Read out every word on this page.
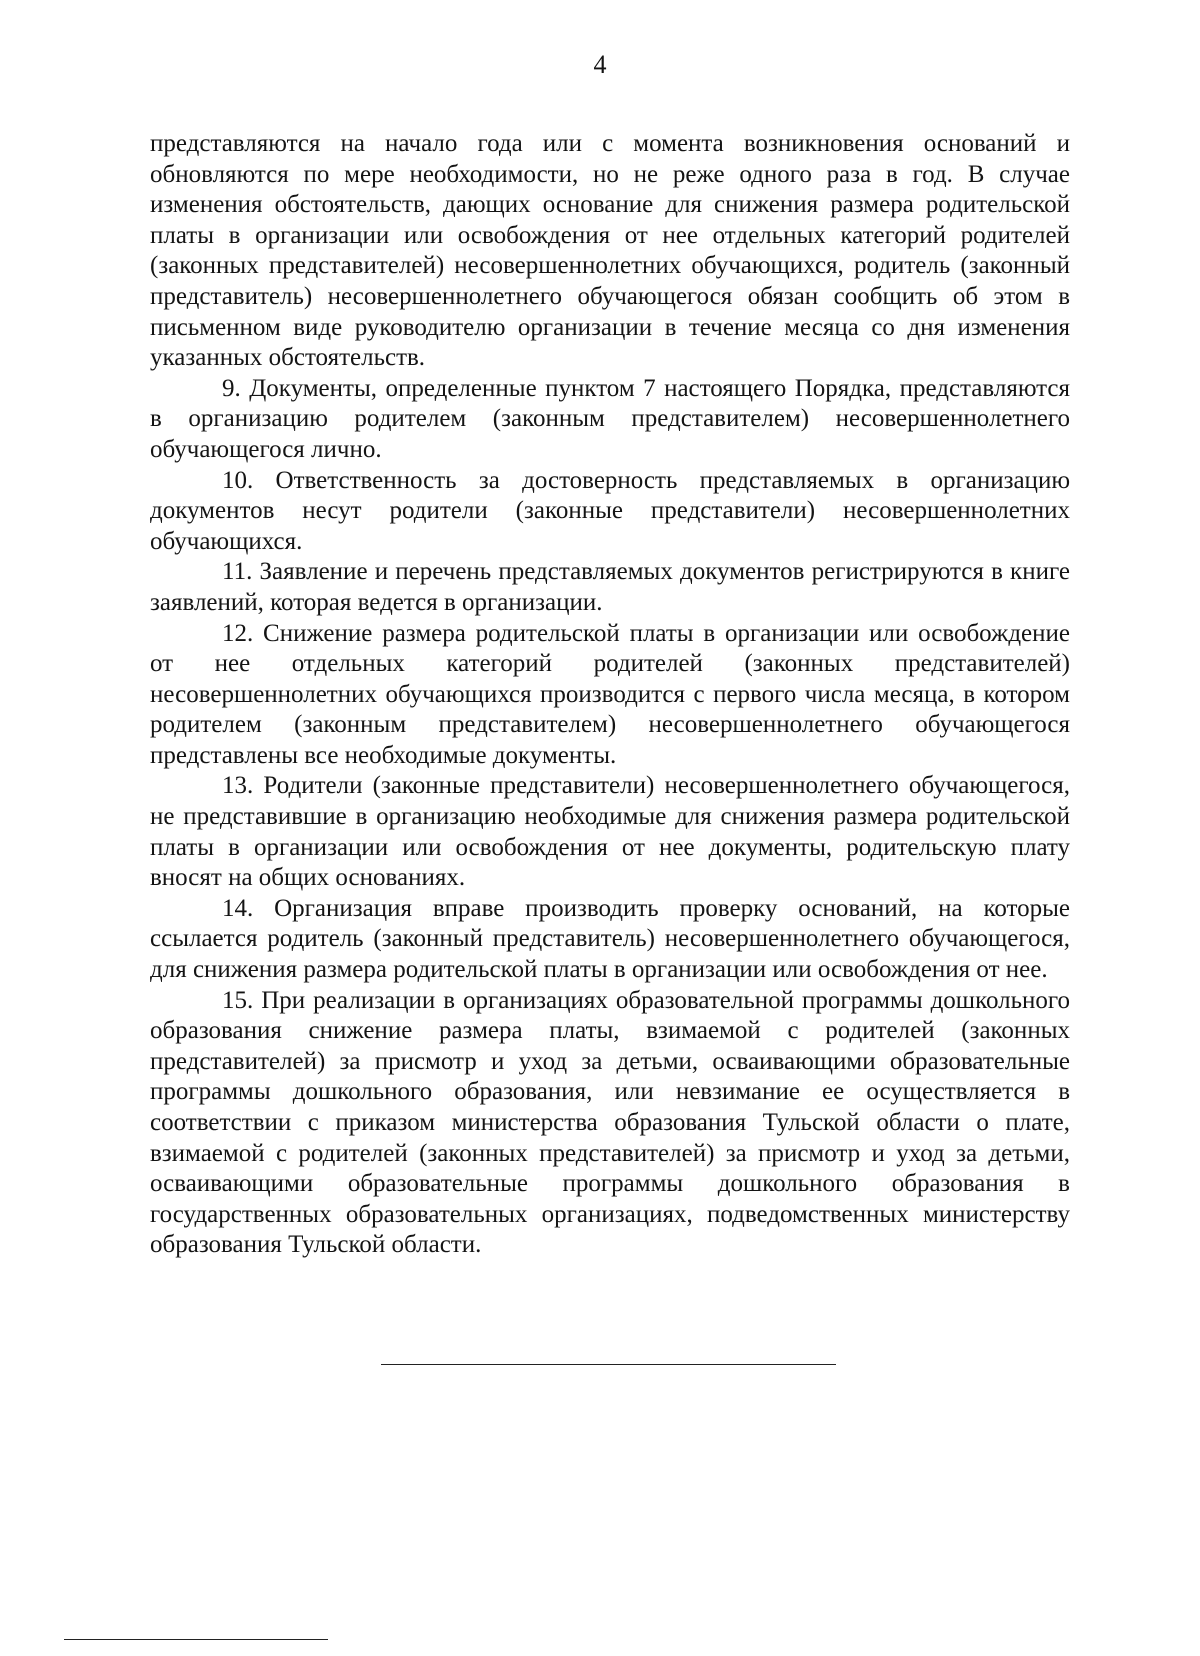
4

представляются на начало года или с момента возникновения оснований и обновляются по мере необходимости, но не реже одного раза в год. В случае изменения обстоятельств, дающих основание для снижения размера родительской платы в организации или освобождения от нее отдельных категорий родителей (законных представителей) несовершеннолетних обучающихся, родитель (законный представитель) несовершеннолетнего обучающегося обязан сообщить об этом в письменном виде руководителю организации в течение месяца со дня изменения указанных обстоятельств.

9. Документы, определенные пунктом 7 настоящего Порядка, представляются в организацию родителем (законным представителем) несовершеннолетнего обучающегося лично.

10. Ответственность за достоверность представляемых в организацию документов несут родители (законные представители) несовершеннолетних обучающихся.

11. Заявление и перечень представляемых документов регистрируются в книге заявлений, которая ведется в организации.

12. Снижение размера родительской платы в организации или освобождение от нее отдельных категорий родителей (законных представителей) несовершеннолетних обучающихся производится с первого числа месяца, в котором родителем (законным представителем) несовершеннолетнего обучающегося представлены все необходимые документы.

13. Родители (законные представители) несовершеннолетнего обучающегося, не представившие в организацию необходимые для снижения размера родительской платы в организации или освобождения от нее документы, родительскую плату вносят на общих основаниях.

14. Организация вправе производить проверку оснований, на которые ссылается родитель (законный представитель) несовершеннолетнего обучающегося, для снижения размера родительской платы в организации или освобождения от нее.

15. При реализации в организациях образовательной программы дошкольного образования снижение размера платы, взимаемой с родителей (законных представителей) за присмотр и уход за детьми, осваивающими образовательные программы дошкольного образования, или невзимание ее осуществляется в соответствии с приказом министерства образования Тульской области о плате, взимаемой с родителей (законных представителей) за присмотр и уход за детьми, осваивающими образовательные программы дошкольного образования в государственных образовательных организациях, подведомственных министерству образования Тульской области.
